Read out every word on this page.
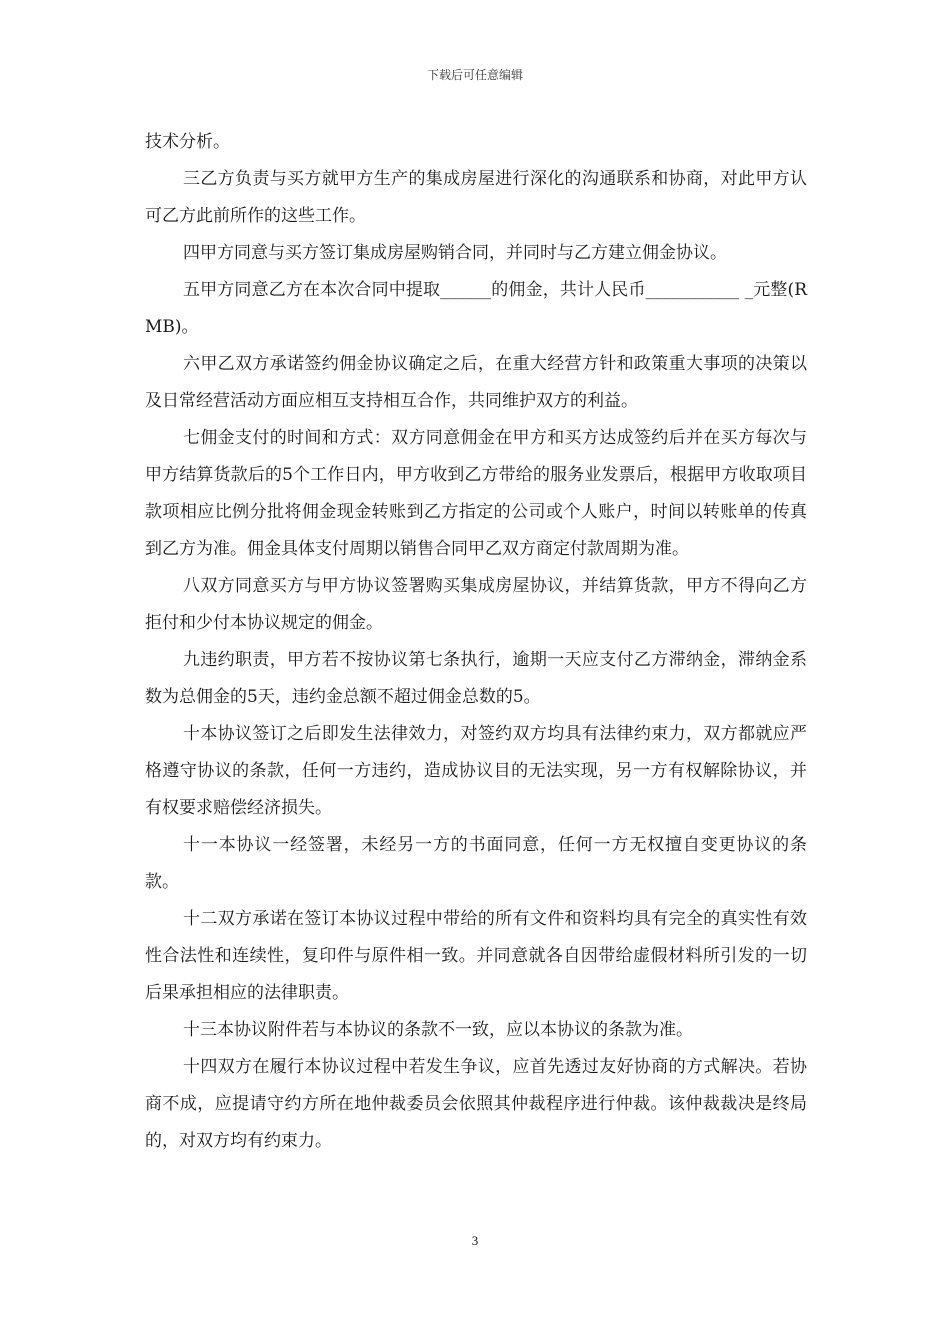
下载后可任意编辑

技术分析。

三乙方负责与买方就甲方生产的集成房屋进行深化的沟通联系和协商，对此甲方认可乙方此前所作的这些工作。

四甲方同意与买方签订集成房屋购销合同，并同时与乙方建立佣金协议。

五甲方同意乙方在本次合同中提取______的佣金，共计人民币___________ _元整(RMB)。

六甲乙双方承诺签约佣金协议确定之后，在重大经营方针和政策重大事项的决策以及日常经营活动方面应相互支持相互合作，共同维护双方的利益。

七佣金支付的时间和方式：双方同意佣金在甲方和买方达成签约后并在买方每次与甲方结算货款后的5个工作日内，甲方收到乙方带给的服务业发票后，根据甲方收取项目款项相应比例分批将佣金现金转账到乙方指定的公司或个人账户，时间以转账单的传真到乙方为准。佣金具体支付周期以销售合同甲乙双方商定付款周期为准。

八双方同意买方与甲方协议签署购买集成房屋协议，并结算货款，甲方不得向乙方拒付和少付本协议规定的佣金。

九违约职责，甲方若不按协议第七条执行，逾期一天应支付乙方滞纳金，滞纳金系数为总佣金的5天，违约金总额不超过佣金总数的5。

十本协议签订之后即发生法律效力，对签约双方均具有法律约束力，双方都就应严格遵守协议的条款，任何一方违约，造成协议目的无法实现，另一方有权解除协议，并有权要求赔偿经济损失。

十一本协议一经签署，未经另一方的书面同意，任何一方无权擅自变更协议的条款。

十二双方承诺在签订本协议过程中带给的所有文件和资料均具有完全的真实性有效性合法性和连续性，复印件与原件相一致。并同意就各自因带给虚假材料所引发的一切后果承担相应的法律职责。

十三本协议附件若与本协议的条款不一致，应以本协议的条款为准。

十四双方在履行本协议过程中若发生争议，应首先透过友好协商的方式解决。若协商不成，应提请守约方所在地仲裁委员会依照其仲裁程序进行仲裁。该仲裁裁决是终局的，对双方均有约束力。

3
